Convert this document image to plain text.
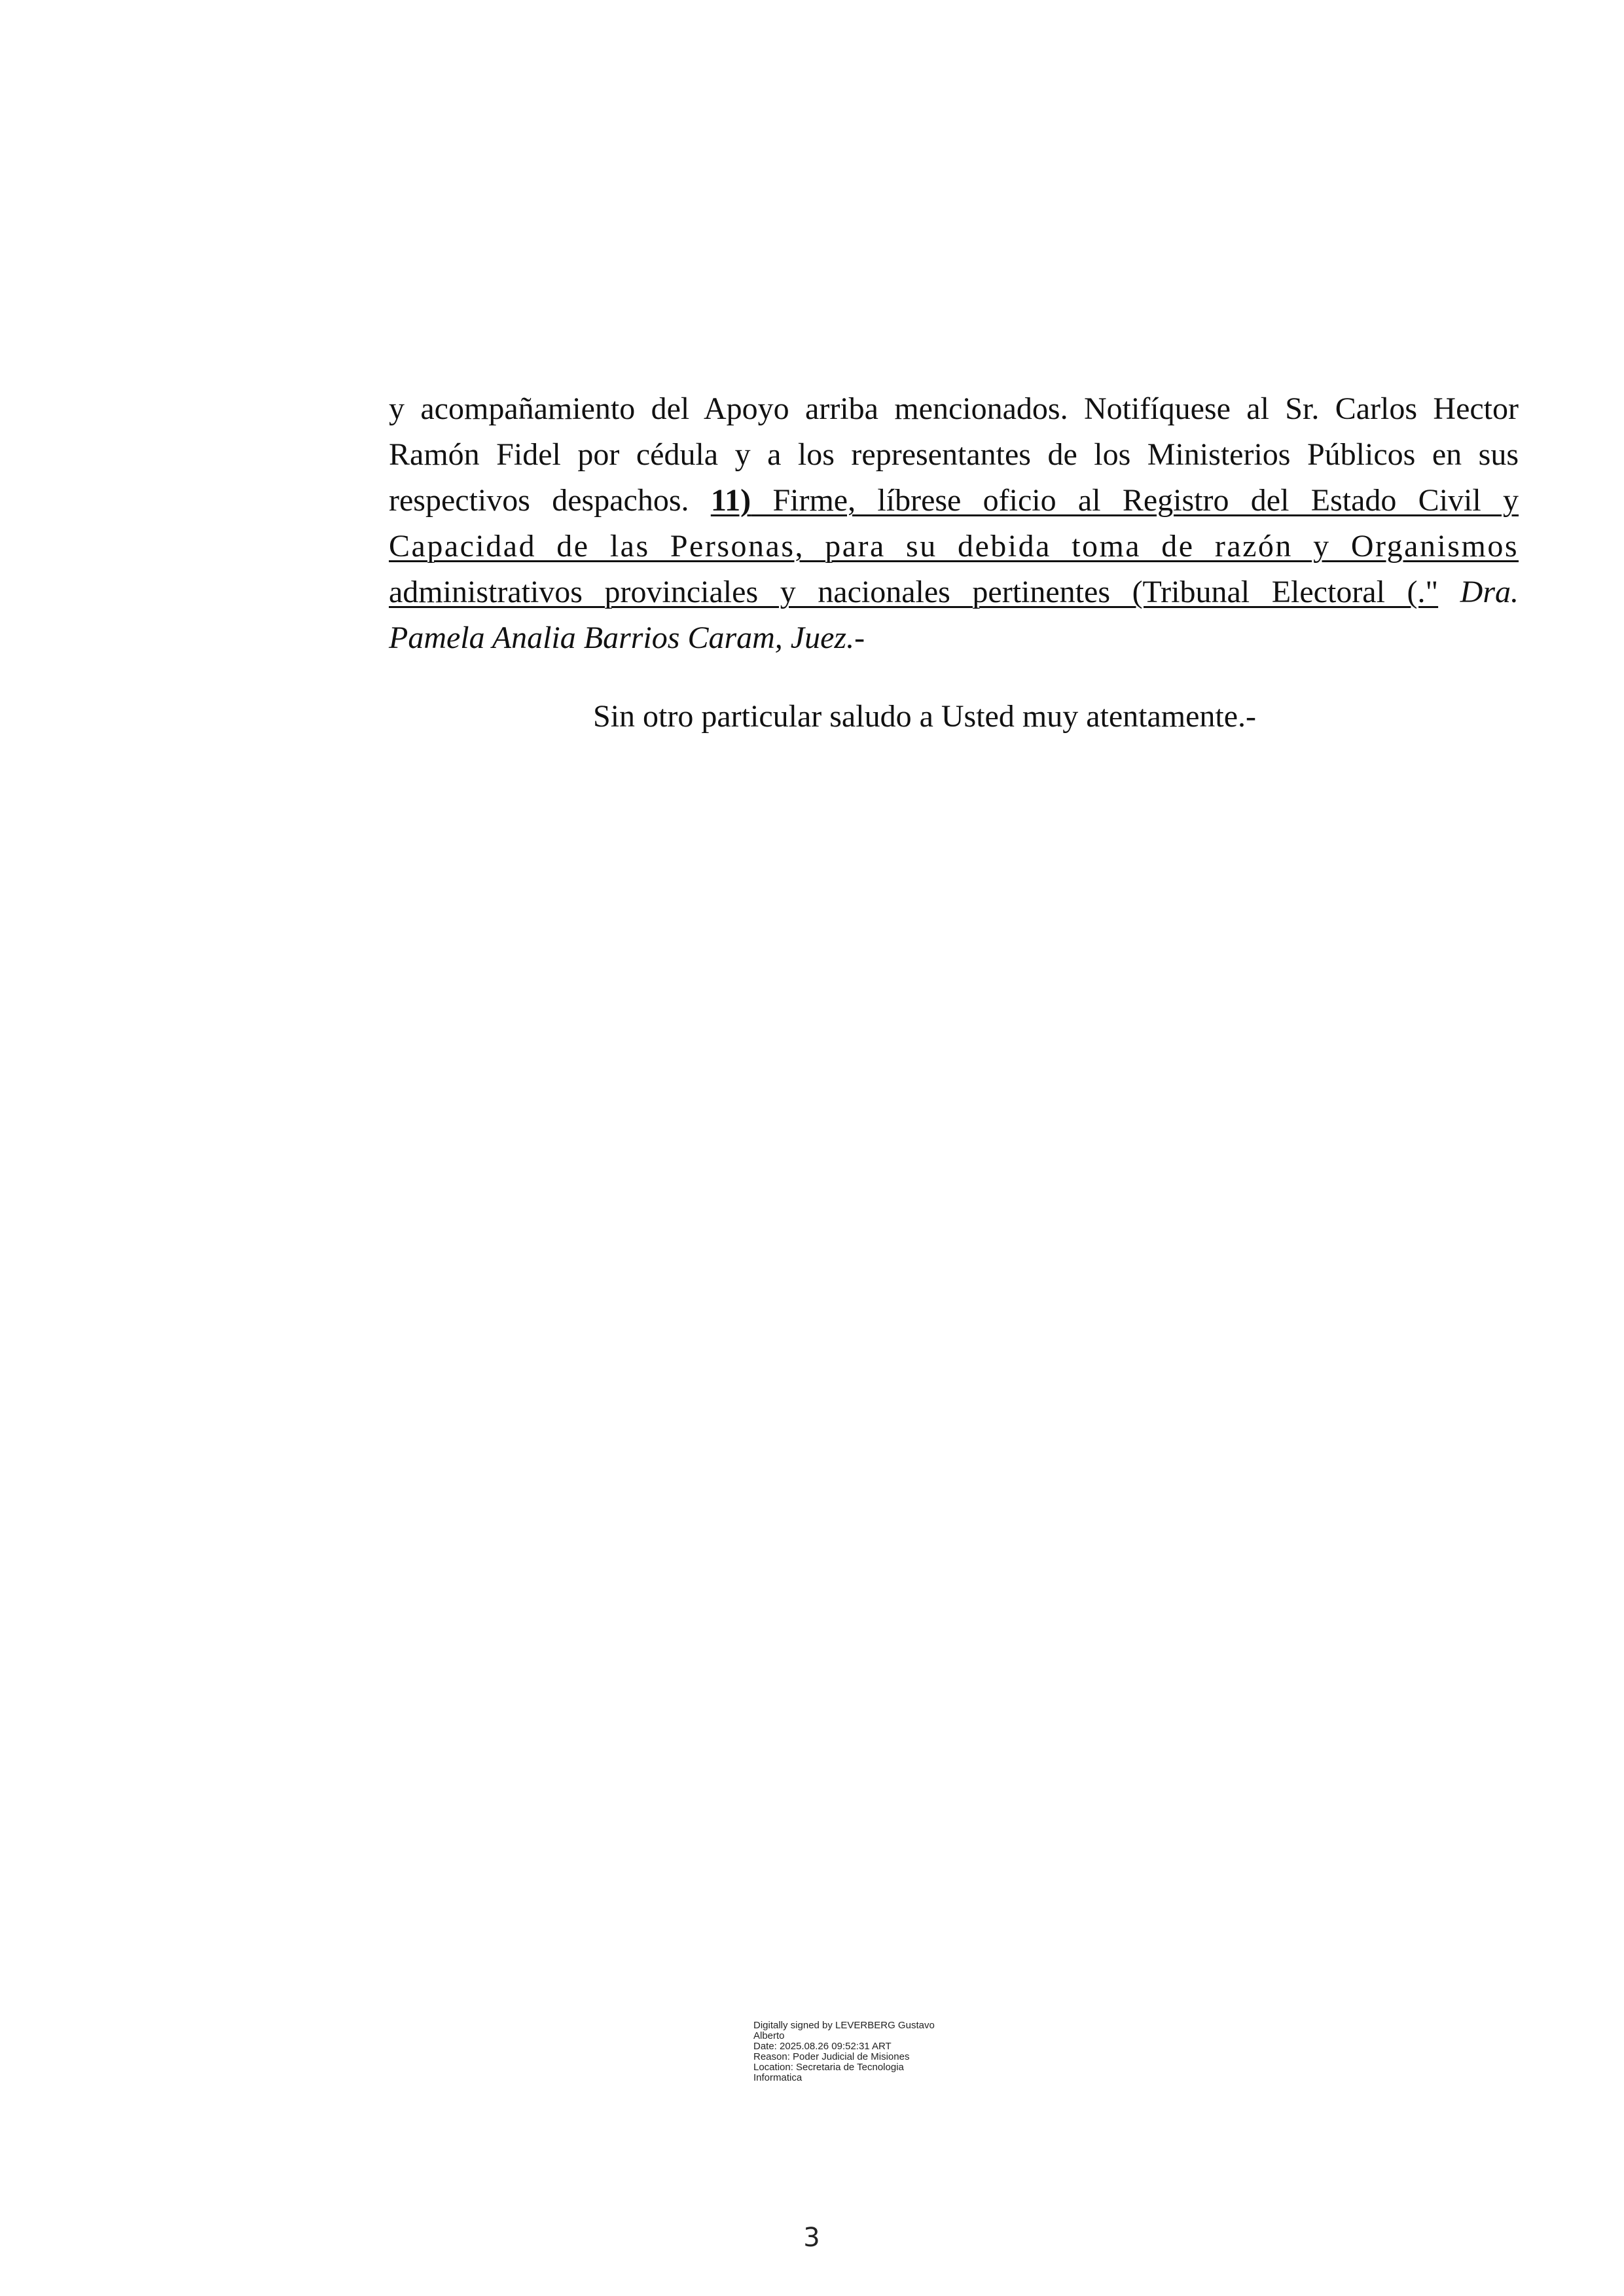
y acompañamiento del Apoyo arriba mencionados. Notifíquese al Sr. Carlos Hector
Ramón Fidel por cédula y a los representantes de los Ministerios Públicos en sus
respectivos despachos. 11) Firme, líbrese oficio al Registro del Estado Civil y
Capacidad de las Personas, para su debida toma de razón y Organismos
administrativos provinciales y nacionales pertinentes (Tribunal Electoral (." Dra.
Pamela Analia Barrios Caram, Juez.-
Sin otro particular saludo a Usted muy atentamente.-
Digitally signed by LEVERBERG Gustavo
Alberto
Date: 2025.08.26 09:52:31 ART
Reason: Poder Judicial de Misiones
Location: Secretaria de Tecnologia
Informatica
3
